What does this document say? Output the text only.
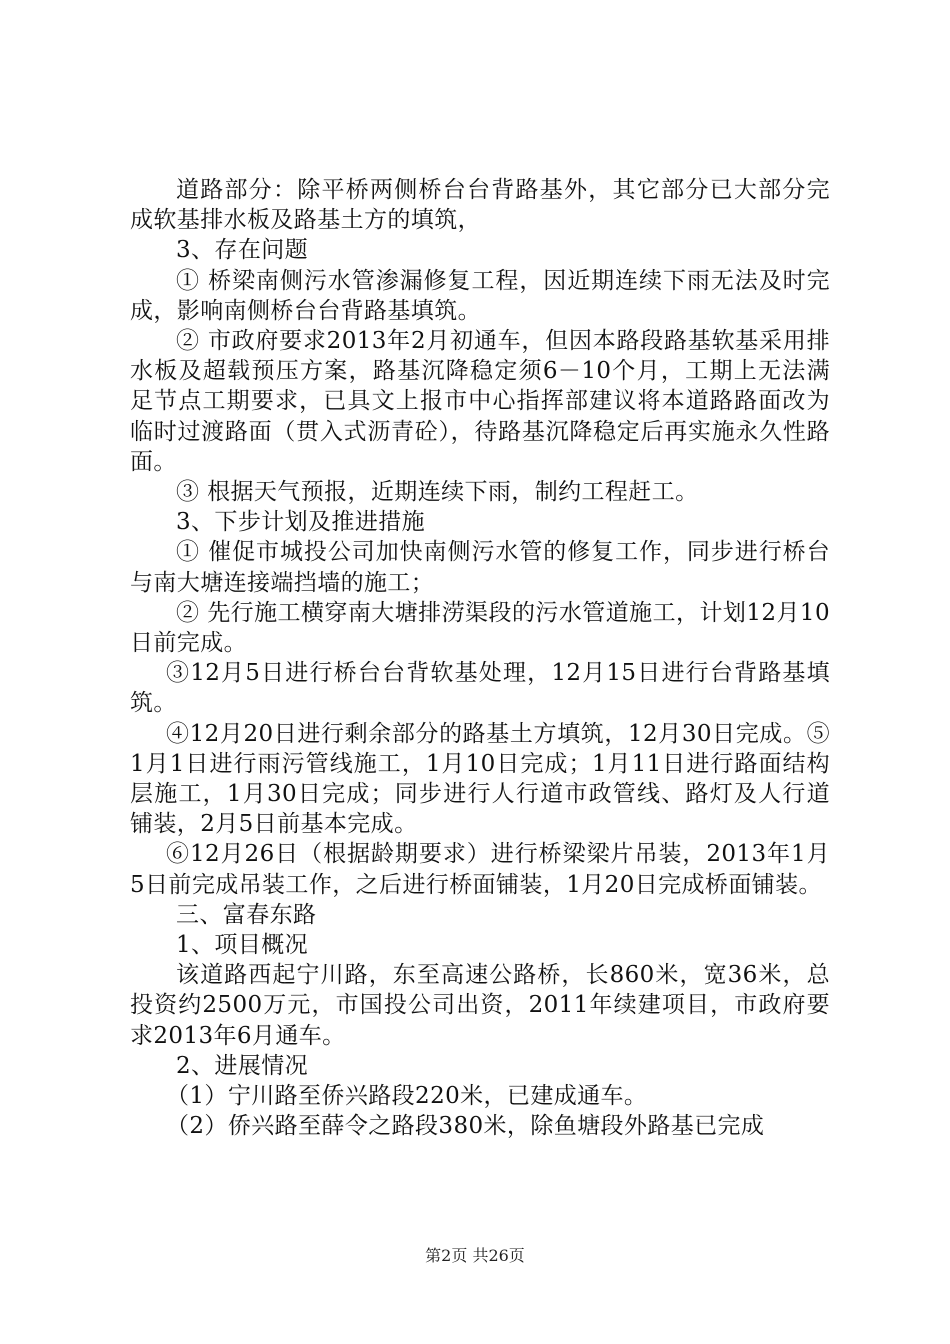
道路部分：除平桥两侧桥台台背路基外，其它部分已大部分完成软基排水板及路基土方的填筑，

3、存在问题

① 桥梁南侧污水管渗漏修复工程，因近期连续下雨无法及时完成，影响南侧桥台台背路基填筑。

② 市政府要求2013年2月初通车，但因本路段路基软基采用排水板及超载预压方案，路基沉降稳定须6－10个月，工期上无法满足节点工期要求，已具文上报市中心指挥部建议将本道路路面改为临时过渡路面（贯入式沥青砼），待路基沉降稳定后再实施永久性路面。

③ 根据天气预报，近期连续下雨，制约工程赶工。

3、下步计划及推进措施

① 催促市城投公司加快南侧污水管的修复工作，同步进行桥台与南大塘连接端挡墙的施工；

② 先行施工横穿南大塘排涝渠段的污水管道施工，计划12月10日前完成。

③12月5日进行桥台台背软基处理，12月15日进行台背路基填筑。

④12月20日进行剩余部分的路基土方填筑，12月30日完成。⑤1月1日进行雨污管线施工，1月10日完成；1月11日进行路面结构层施工，1月30日完成；同步进行人行道市政管线、路灯及人行道铺装，2月5日前基本完成。

⑥12月26日（根据龄期要求）进行桥梁梁片吊装，2013年1月5日前完成吊装工作，之后进行桥面铺装，1月20日完成桥面铺装。

三、富春东路

1、项目概况

该道路西起宁川路，东至高速公路桥，长860米，宽36米，总投资约2500万元，市国投公司出资，2011年续建项目，市政府要求2013年6月通车。

2、进展情况

（1）宁川路至侨兴路段220米，已建成通车。

（2）侨兴路至薛令之路段380米，除鱼塘段外路基已完成

第2页 共26页
